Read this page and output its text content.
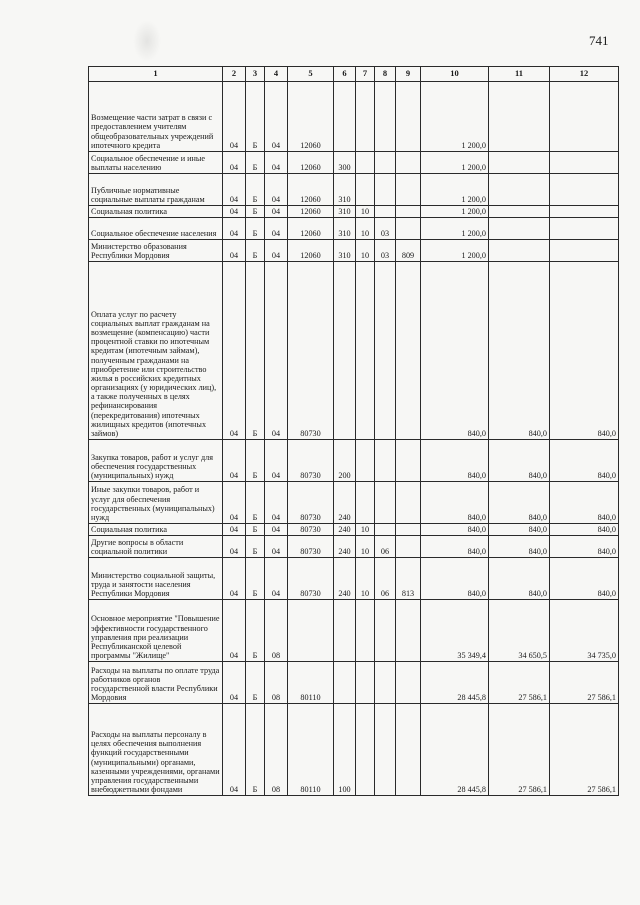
741
1	2	3	4	5	6	7	8	9	10	11	12
Возмещение части затрат в связи с предоставлением учителям общеобразовательных учреждений ипотечного кредита	04	Б	04	12060					1 200,0		
Социальное обеспечение и иные выплаты населению	04	Б	04	12060	300				1 200,0		
Публичные нормативные социальные выплаты гражданам	04	Б	04	12060	310				1 200,0		
Социальная политика	04	Б	04	12060	310	10			1 200,0		
Социальное обеспечение населения	04	Б	04	12060	310	10	03		1 200,0		
Министерство образования Республики Мордовия	04	Б	04	12060	310	10	03	809	1 200,0		
Оплата услуг по расчету социальных выплат гражданам на возмещение (компенсацию) части процентной ставки по ипотечным кредитам (ипотечным займам), полученным гражданами на приобретение или строительство жилья в российских кредитных организациях (у юридических лиц), а также полученных в целях рефинансирования (перекредитования) ипотечных жилищных кредитов (ипотечных займов)	04	Б	04	80730					840,0	840,0	840,0
Закупка товаров, работ и услуг для обеспечения государственных (муниципальных) нужд	04	Б	04	80730	200				840,0	840,0	840,0
Иные закупки товаров, работ и услуг для обеспечения государственных (муниципальных) нужд	04	Б	04	80730	240				840,0	840,0	840,0
Социальная политика	04	Б	04	80730	240	10			840,0	840,0	840,0
Другие вопросы в области социальной политики	04	Б	04	80730	240	10	06		840,0	840,0	840,0
Министерство социальной защиты, труда и занятости населения Республики Мордовия	04	Б	04	80730	240	10	06	813	840,0	840,0	840,0
Основное мероприятие "Повышение эффективности государственного управления при реализации Республиканской целевой программы "Жилище"	04	Б	08						35 349,4	34 650,5	34 735,0
Расходы на выплаты по оплате труда работников органов государственной власти Республики Мордовия	04	Б	08	80110					28 445,8	27 586,1	27 586,1
Расходы на выплаты персоналу в целях обеспечения выполнения функций государственными (муниципальными) органами, казенными учреждениями, органами управления государственными внебюджетными фондами	04	Б	08	80110	100				28 445,8	27 586,1	27 586,1
